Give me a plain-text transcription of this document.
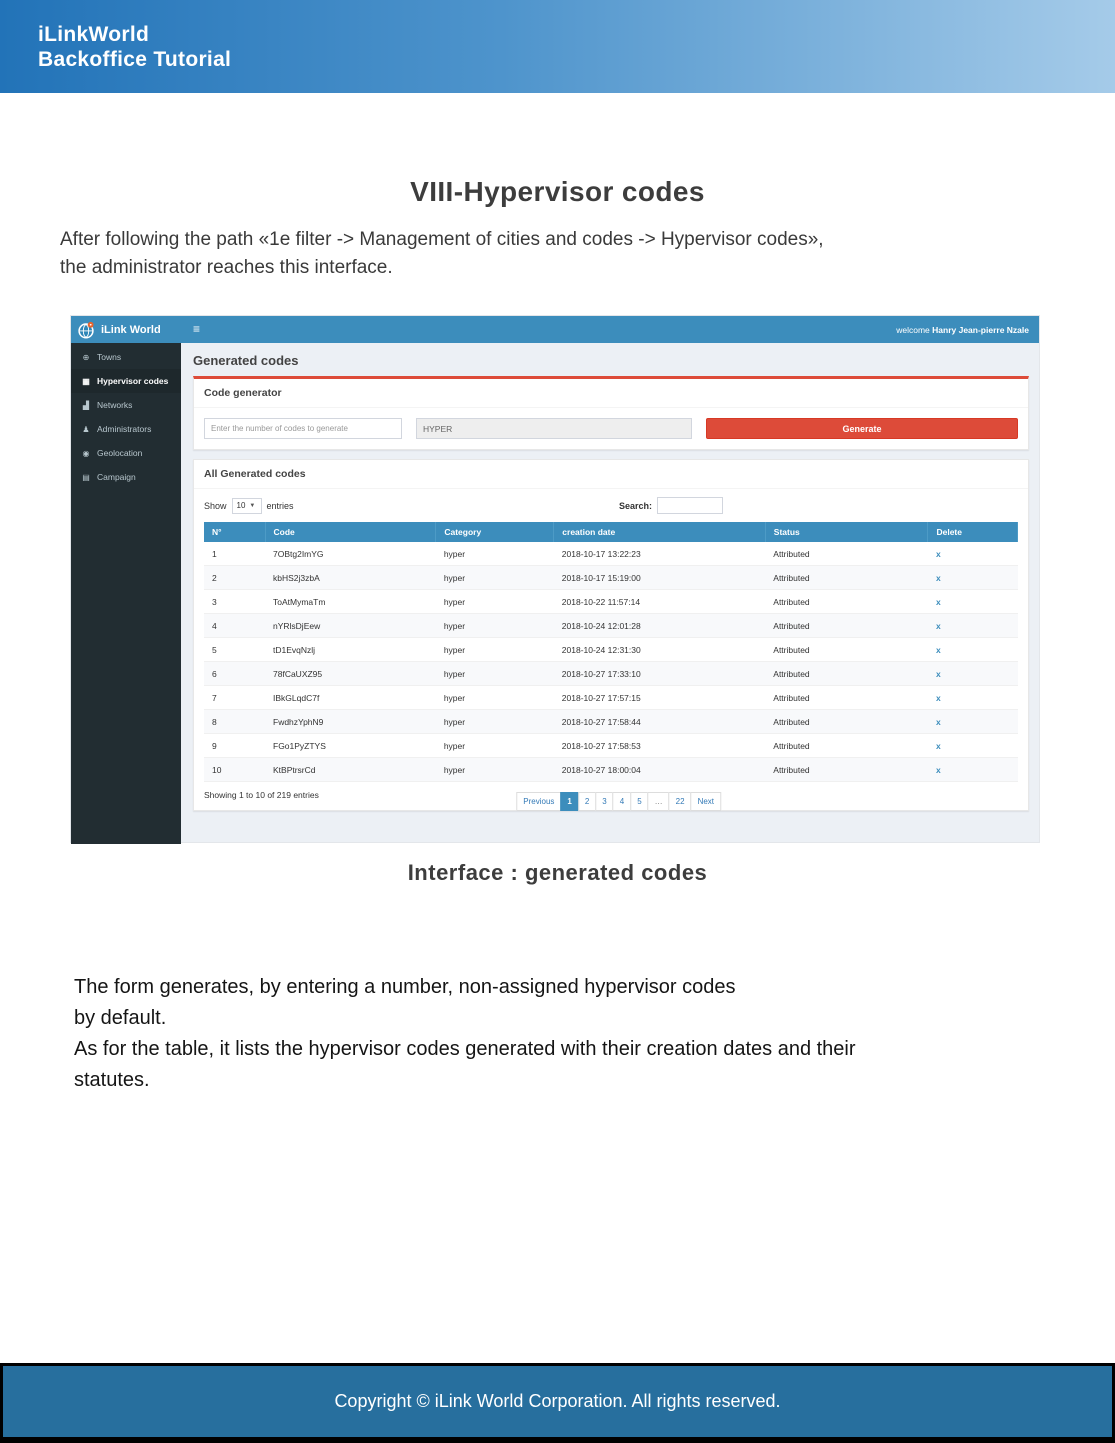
iLinkWorld
Backoffice Tutorial
VIII-Hypervisor codes

After following the path «1e filter -> Management of cities and codes -> Hypervisor codes»,
the administrator reaches this interface.

iLink World	≡	welcome Hanry Jean-pierre Nzale
⊕ Towns
▦ Hypervisor codes
▟ Networks
♟ Administrators
◉ Geolocation
▤ Campaign
Generated codes
Code generator
Enter the number of codes to generate
HYPER
Generate
All Generated codes
Show 10 ▼ entries	Search:
N°	Code	Category	creation date	Status	Delete
1	7OBtg2ImYG	hyper	2018-10-17 13:22:23	Attributed	x
2	kbHS2j3zbA	hyper	2018-10-17 15:19:00	Attributed	x
3	ToAtMymaTm	hyper	2018-10-22 11:57:14	Attributed	x
4	nYRlsDjEew	hyper	2018-10-24 12:01:28	Attributed	x
5	tD1EvqNzlj	hyper	2018-10-24 12:31:30	Attributed	x
6	78fCaUXZ95	hyper	2018-10-27 17:33:10	Attributed	x
7	IBkGLqdC7f	hyper	2018-10-27 17:57:15	Attributed	x
8	FwdhzYphN9	hyper	2018-10-27 17:58:44	Attributed	x
9	FGo1PyZTYS	hyper	2018-10-27 17:58:53	Attributed	x
10	KtBPtrsrCd	hyper	2018-10-27 18:00:04	Attributed	x
Showing 1 to 10 of 219 entries
Previous	1	2	3	4	5	…	22	Next
Interface : generated codes
The form generates, by entering a number, non-assigned hypervisor codes
by default.
As for the table, it lists the hypervisor codes generated with their creation dates and their
statutes.
Copyright © iLink World Corporation. All rights reserved.
